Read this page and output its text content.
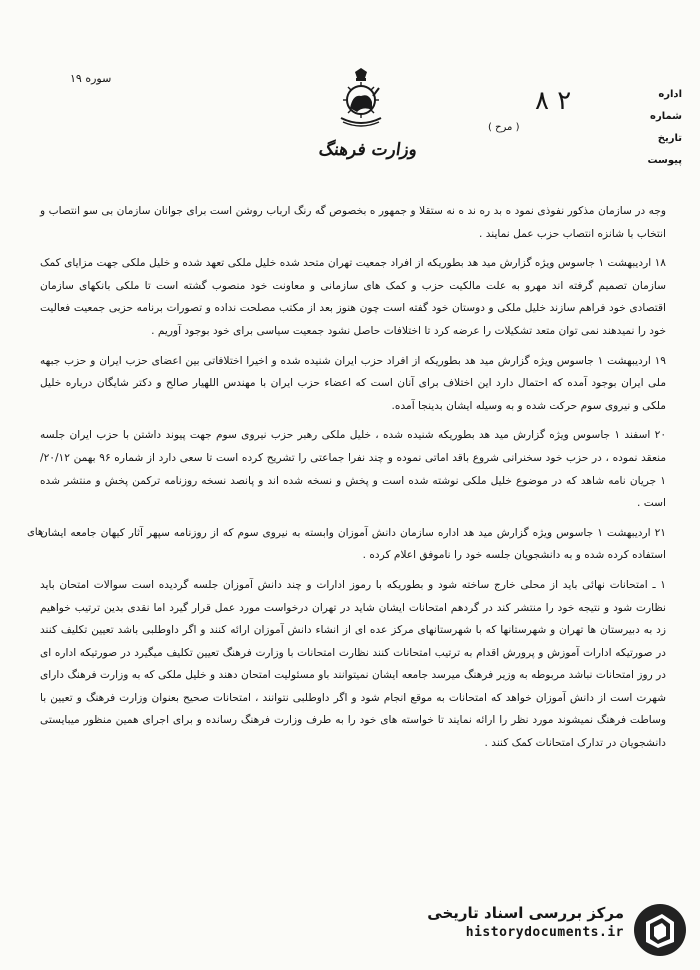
سوره ۱۹
وزارت فرهنگ
( مرح )
۲ ۸	اداره
شماره
تاریخ
پیوست
های

وجه در سازمان مذکور نفوذی نمود ه بد ره ند ه نه ستقلا و جمهور ه بخصوص گه رنگ ارباب روشن است برای جوانان سازمان بی سو انتصاب و انتخاب با شانزه انتصاب حزب عمل نمایند .

۱۸ اردیبهشت ۱ جاسوس ویژه گزارش مید هد بطوریکه از افراد جمعیت تهران متحد شده خلیل ملکی تعهد شده و خلیل ملکی جهت مزایای کمک سازمان تصمیم گرفته اند مهرو به علت مالکیت حزب و کمک های سازمانی و معاونت خود منصوب گشته است تا ملکی بانکهای سازمان اقتصادی خود فراهم سازند خلیل ملکی و دوستان خود گفته است چون هنوز بعد از مکتب مصلحت نداده و تصورات برنامه حزبی جمعیت فعالیت خود را نمیدهند نمی توان متعد تشکیلات را عرضه کرد تا اختلافات حاصل نشود جمعیت سیاسی برای خود بوجود آوریم .

۱۹ اردیبهشت ۱ جاسوس ویژه گزارش مید هد بطوریکه از افراد حزب ایران شنیده شده و اخیرا اختلافاتی بین اعضای حزب ایران و حزب جبهه ملی ایران بوجود آمده که احتمال دارد این اختلاف برای آنان است که اعضاء حزب ایران با مهندس اللهیار صالح و دکتر شایگان درباره خلیل ملکی و نیروی سوم حرکت شده و به وسیله ایشان بدینجا آمده.

۲۰ اسفند ۱ جاسوس ویژه گزارش مید هد بطوریکه شنیده شده ، خلیل ملکی رهبر حزب نیروی سوم جهت پیوند داشتن با حزب ایران جلسه منعقد نموده ، در حزب خود سخنرانی شروع باقد اماتی نموده و چند نفرا جماعتی را تشریح کرده است تا سعی دارد از شماره ۹۶ بهمن ۲۰/۱۲/ ۱ جریان نامه شاهد که در موضوع خلیل ملکی نوشته شده است و پخش و نسخه شده اند و پانصد نسخه روزنامه ترکمن پخش و منتشر شده است .

۲۱ اردیبهشت ۱ جاسوس ویژه گزارش مید هد اداره سازمان دانش آموزان وابسته به نیروی سوم که از روزنامه سپهر آثار کیهان جامعه ایشان استفاده کرده شده و به دانشجویان جلسه خود را ناموفق اعلام کرده .

۱ ـ امتحانات نهائی باید از محلی خارج ساخته شود و بطوریکه با رموز ادارات و چند دانش آموزان جلسه گردیده است سوالات امتحان باید نظارت شود و نتیجه خود را منتشر کند در گردهم امتحانات ایشان شاید در تهران درخواست مورد عمل قرار گیرد اما نقدی بدین ترتیب خواهیم زد به دبیرستان ها تهران و شهرستانها که با شهرستانهای مرکز عده ای از انشاء دانش آموزان ارائه کنند و اگر داوطلبی باشد تعیین تکلیف کنند در صورتیکه ادارات آموزش و پرورش اقدام به ترتیب امتحانات کنند نظارت امتحانات با وزارت فرهنگ تعیین تکلیف میگیرد در صورتیکه اداره ای در روز امتحانات نباشد مربوطه به وزیر فرهنگ میرسد جامعه ایشان نمیتوانند باو مسئولیت امتحان دهند و خلیل ملکی که به وزارت فرهنگ دارای شهرت است از دانش آموزان خواهد که امتحانات به موقع انجام شود و اگر داوطلبی نتوانند ، امتحانات صحیح بعنوان وزارت فرهنگ و تعیین با وساطت فرهنگ نمیشوند مورد نظر را ارائه نمایند تا خواسته های خود را به طرف وزارت فرهنگ رسانده و برای اجرای همین منظور میبایستی دانشجویان در تدارک امتحانات کمک کنند .

مرکز بررسی اسناد تاریخی
historydocuments.ir
